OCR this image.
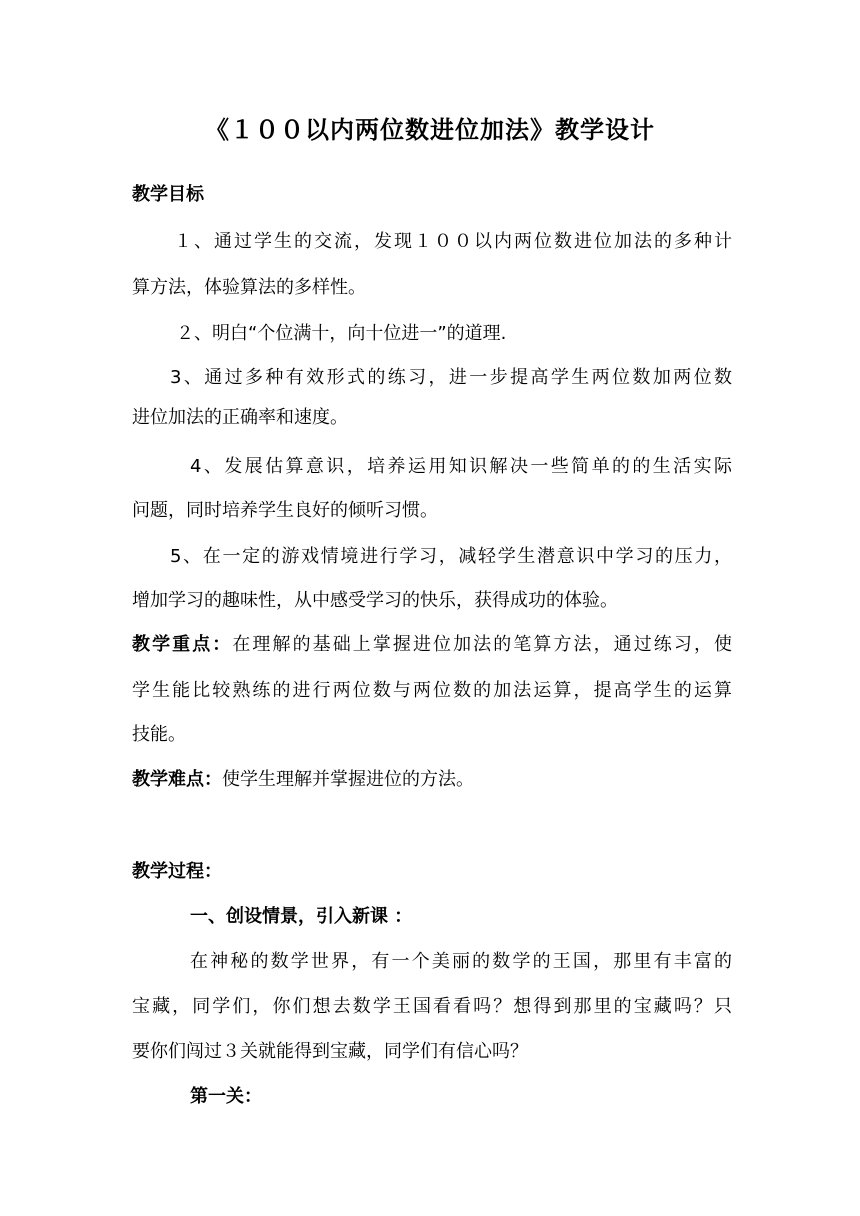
《１００以内两位数进位加法》教学设计
教学目标
１、通过学生的交流，发现１００以内两位数进位加法的多种计
算方法，体验算法的多样性。
２、明白“个位满十，向十位进一”的道理.
3、通过多种有效形式的练习，进一步提高学生两位数加两位数
进位加法的正确率和速度。
4、发展估算意识，培养运用知识解决一些简单的的生活实际
问题，同时培养学生良好的倾听习惯。
5、在一定的游戏情境进行学习，减轻学生潜意识中学习的压力，
增加学习的趣味性，从中感受学习的快乐，获得成功的体验。
教学重点：在理解的基础上掌握进位加法的笔算方法，通过练习，使
学生能比较熟练的进行两位数与两位数的加法运算，提高学生的运算
技能。
教学难点：使学生理解并掌握进位的方法。
教学过程：
一、创设情景，引入新课 ：
在神秘的数学世界，有一个美丽的数学的王国，那里有丰富的
宝藏，同学们，你们想去数学王国看看吗？想得到那里的宝藏吗？只
要你们闯过３关就能得到宝藏，同学们有信心吗？
第一关：
